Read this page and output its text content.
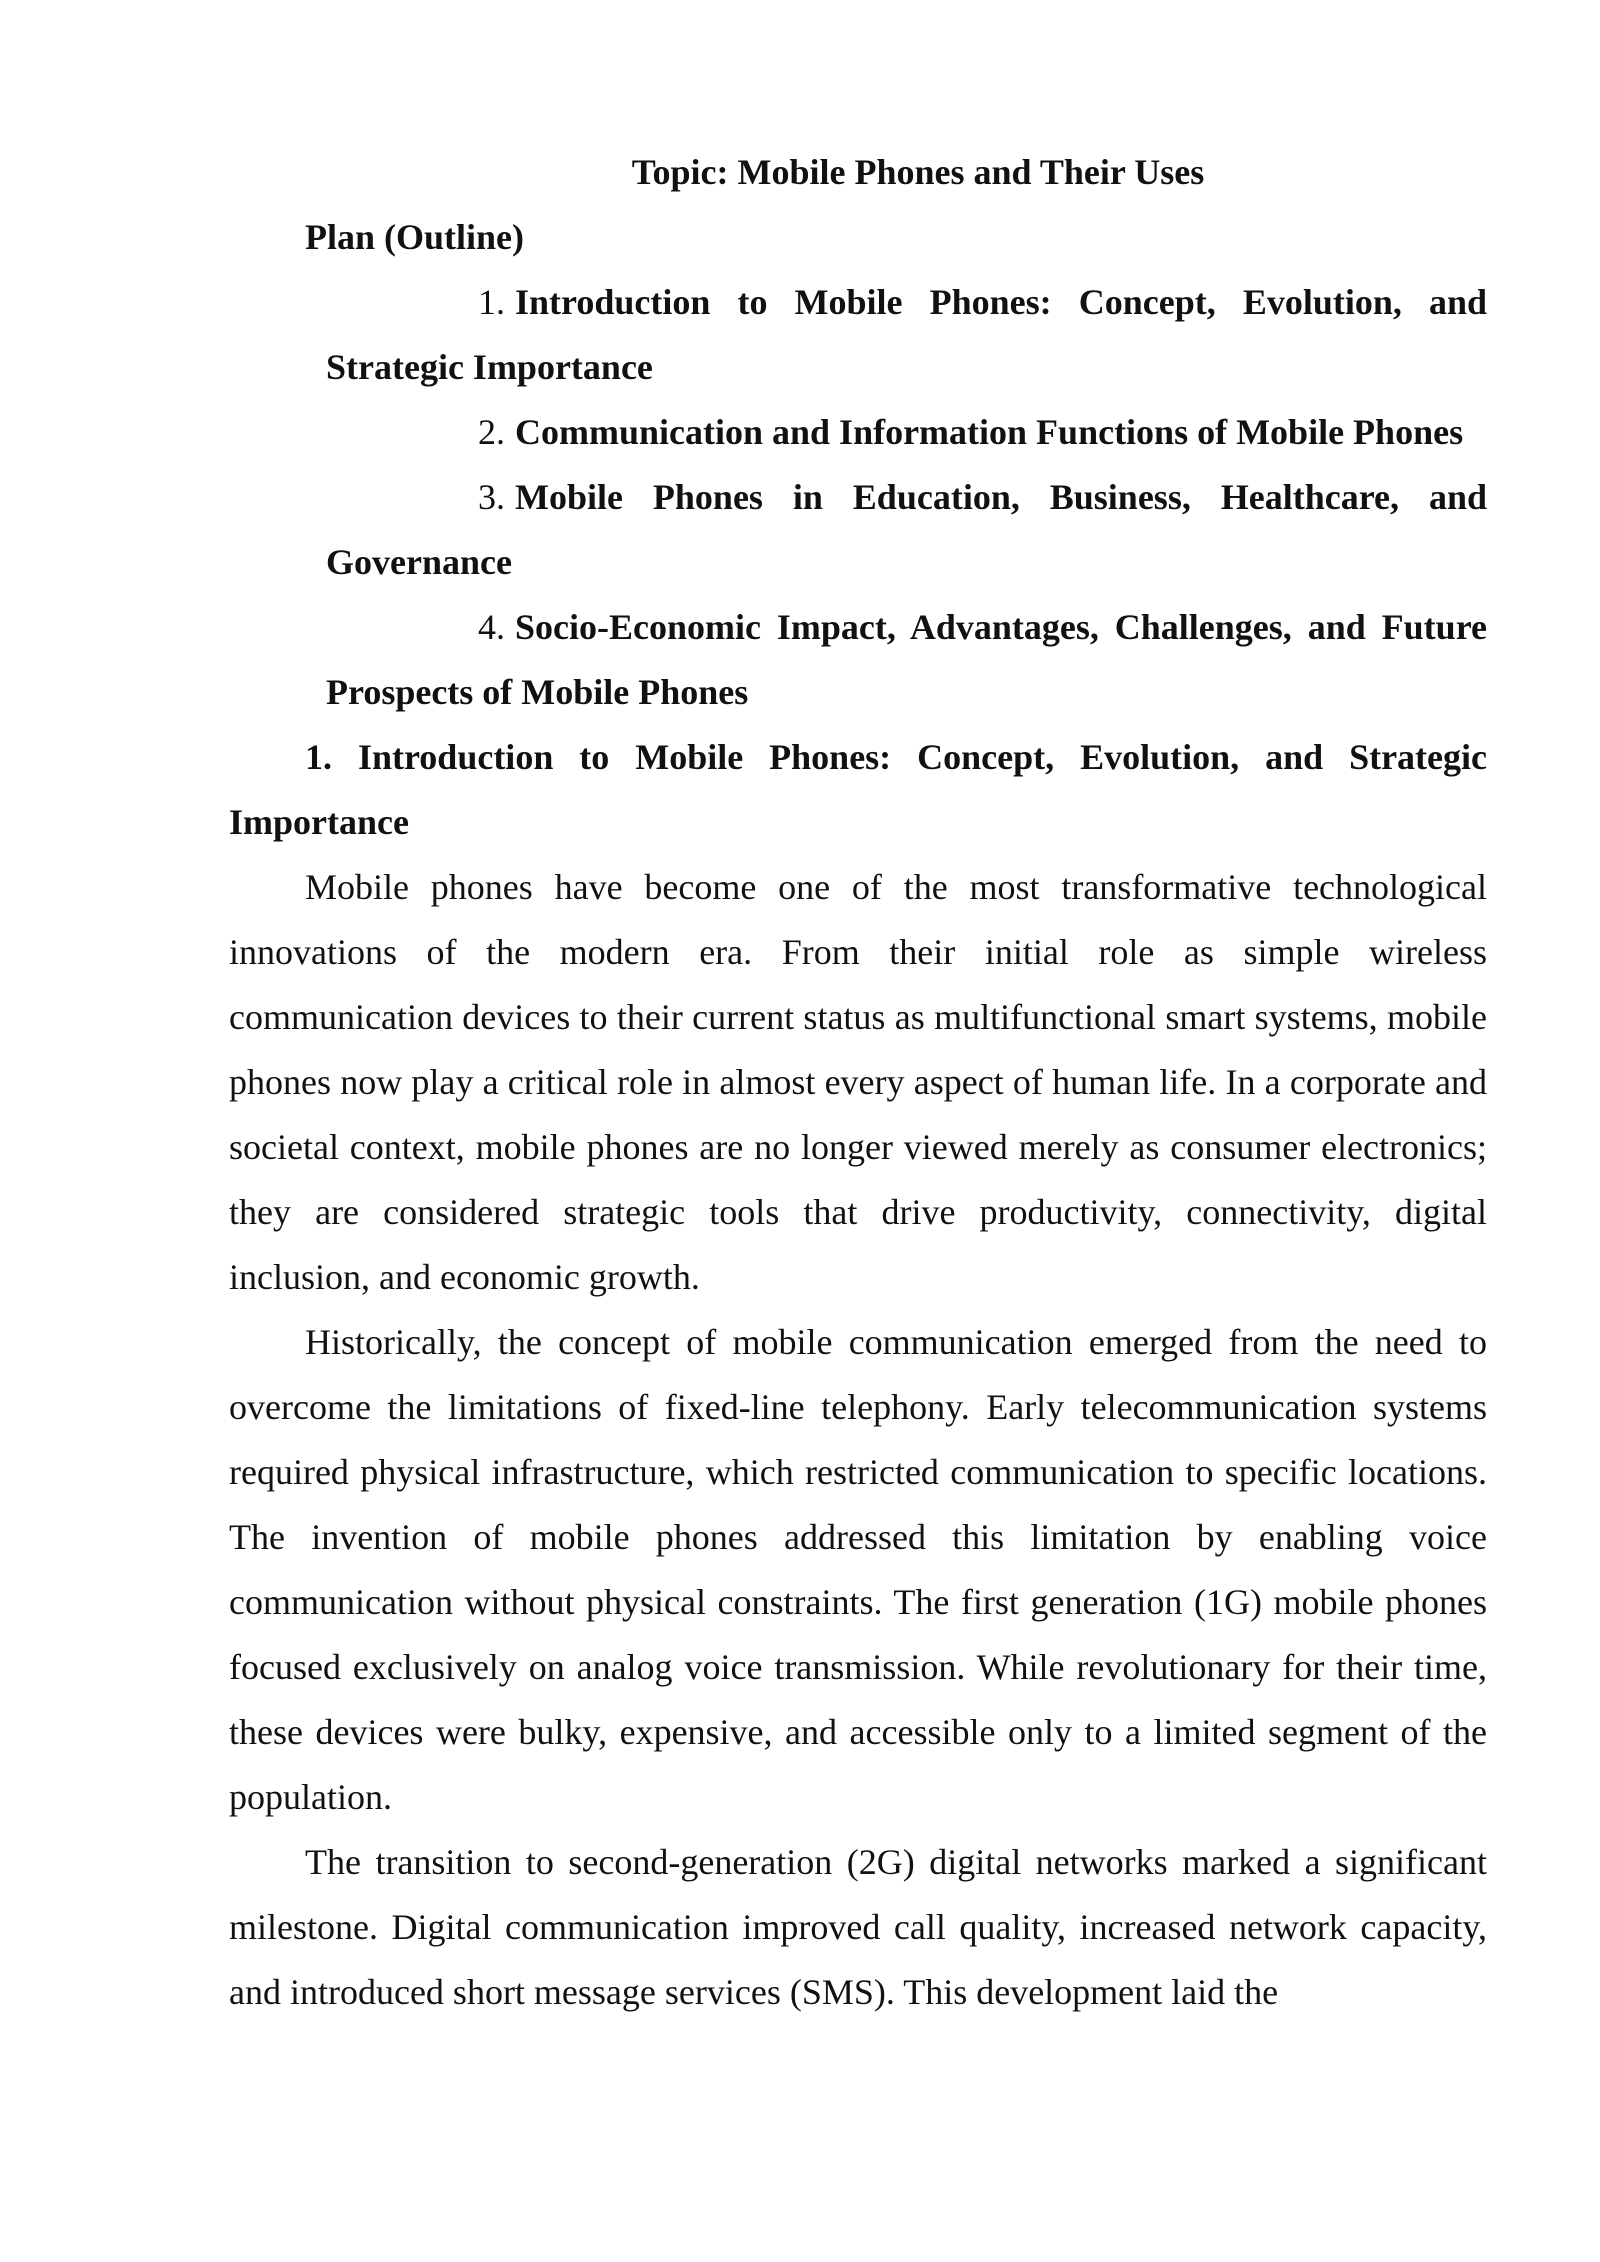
Topic: Mobile Phones and Their Uses

Plan (Outline)

1. Introduction to Mobile Phones: Concept, Evolution, and Strategic Importance

2. Communication and Information Functions of Mobile Phones

3. Mobile Phones in Education, Business, Healthcare, and Governance

4. Socio-Economic Impact, Advantages, Challenges, and Future Prospects of Mobile Phones

1. Introduction to Mobile Phones: Concept, Evolution, and Strategic Importance

Mobile phones have become one of the most transformative technological innovations of the modern era. From their initial role as simple wireless communication devices to their current status as multifunctional smart systems, mobile phones now play a critical role in almost every aspect of human life. In a corporate and societal context, mobile phones are no longer viewed merely as consumer electronics; they are considered strategic tools that drive productivity, connectivity, digital inclusion, and economic growth.

Historically, the concept of mobile communication emerged from the need to overcome the limitations of fixed-line telephony. Early telecommunication systems required physical infrastructure, which restricted communication to specific locations. The invention of mobile phones addressed this limitation by enabling voice communication without physical constraints. The first generation (1G) mobile phones focused exclusively on analog voice transmission. While revolutionary for their time, these devices were bulky, expensive, and accessible only to a limited segment of the population.

The transition to second-generation (2G) digital networks marked a significant milestone. Digital communication improved call quality, increased network capacity, and introduced short message services (SMS). This development laid the
